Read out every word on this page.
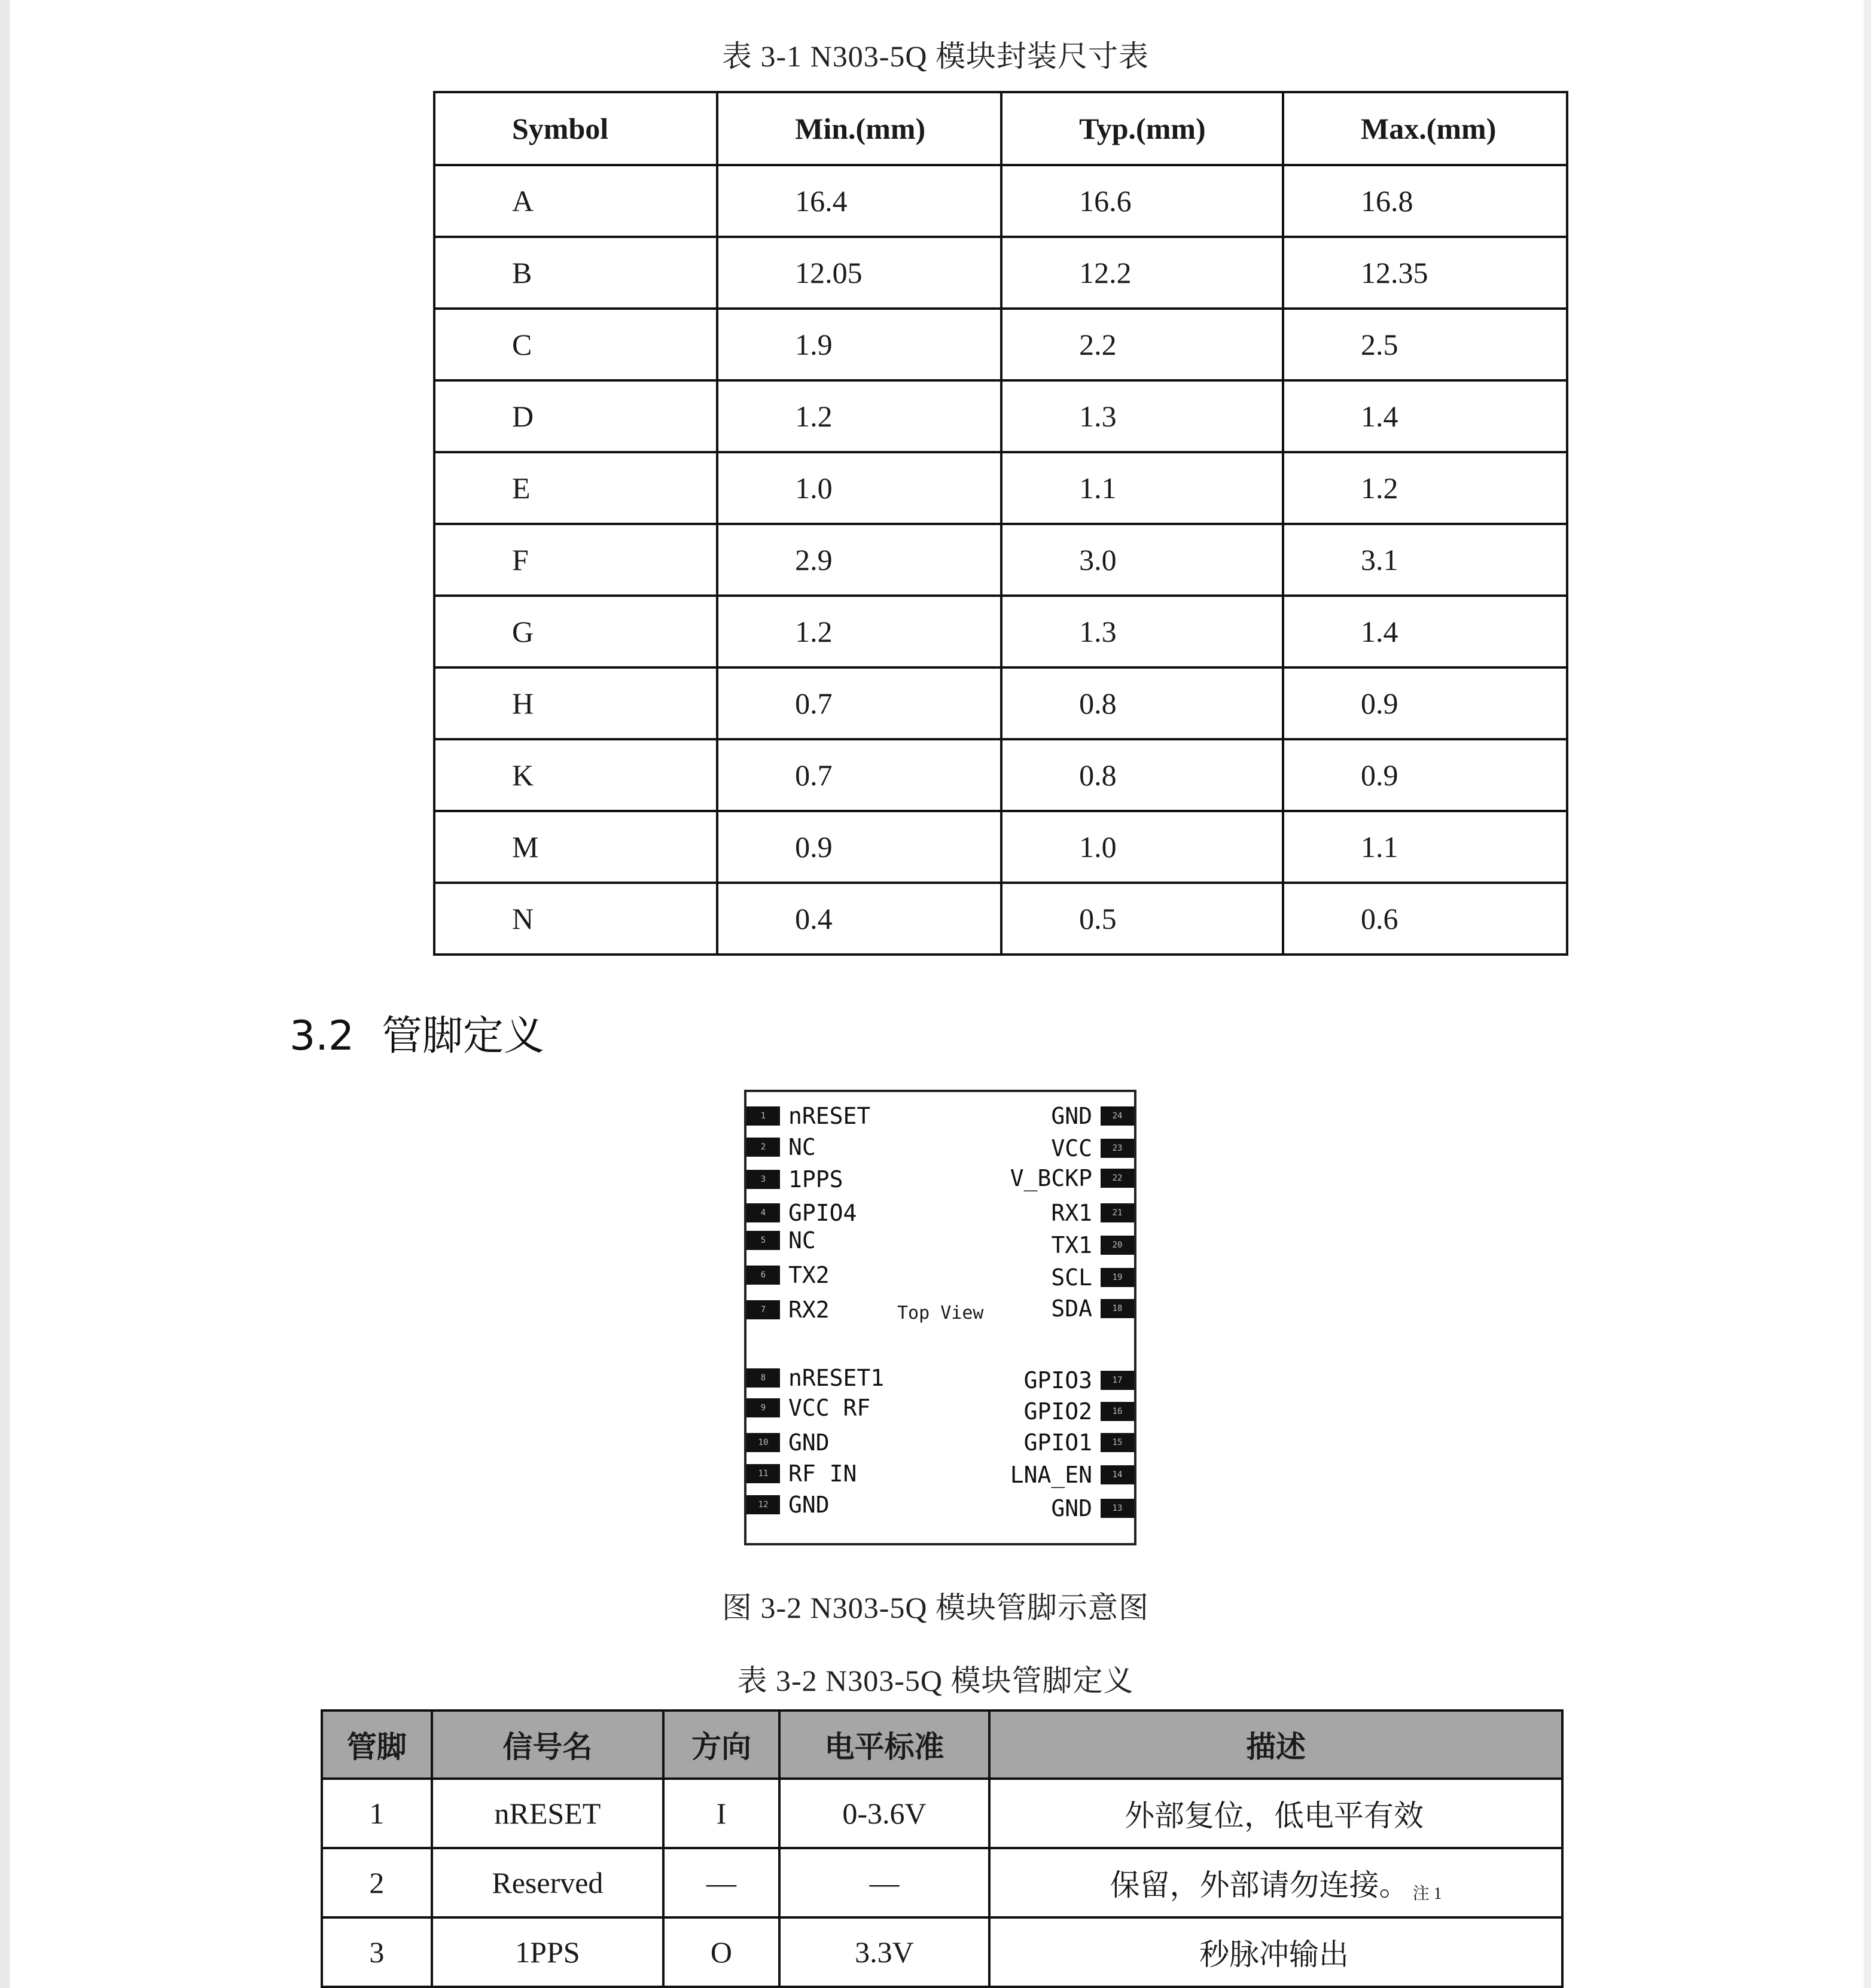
表 3-1 N303-5Q 模块封装尺寸表
Symbol	Min.(mm)	Typ.(mm)	Max.(mm)
A	16.4	16.6	16.8
B	12.05	12.2	12.35
C	1.9	2.2	2.5
D	1.2	1.3	1.4
E	1.0	1.1	1.2
F	2.9	3.0	3.1
G	1.2	1.3	1.4
H	0.7	0.8	0.9
K	0.7	0.8	0.9
M	0.9	1.0	1.1
N	0.4	0.5	0.6
3.2 管脚定义
Top View
1 nRESET
2 NC
3 1PPS
4 GPIO4
5 NC
6 TX2
7 RX2
8 nRESET1
9 VCC RF
10 GND
11 RF IN
12 GND
GND	24
VCC	23
V_BCKP	22
RX1	21
TX1	20
SCL	19
SDA	18
GPIO3	17
GPIO2	16
GPIO1	15
LNA_EN	14
GND	13
图 3-2 N303-5Q 模块管脚示意图
表 3-2 N303-5Q 模块管脚定义
管脚	信号名	方向	电平标准	描述
1	nRESET	I	0-3.6V	外部复位，低电平有效
2	Reserved	—	—	保留，外部请勿连接。 注 1
3	1PPS	O	3.3V	秒脉冲输出
